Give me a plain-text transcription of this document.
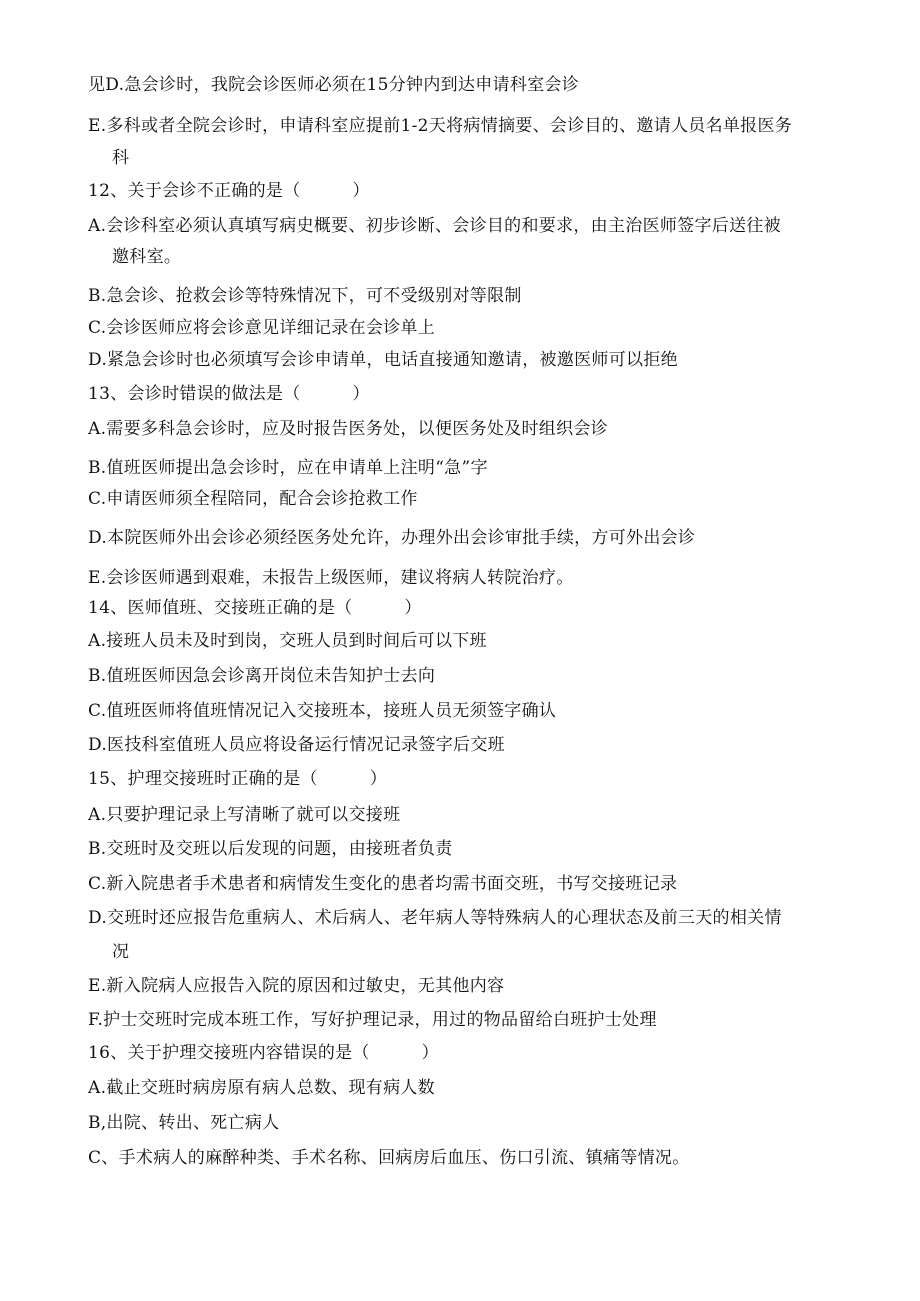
见D.急会诊时，我院会诊医师必须在15分钟内到达申请科室会诊
E.多科或者全院会诊时，申请科室应提前1-2天将病情摘要、会诊目的、邀请人员名单报医务
科
12、关于会诊不正确的是（　　　）
A.会诊科室必须认真填写病史概要、初步诊断、会诊目的和要求，由主治医师签字后送往被
邀科室。
B.急会诊、抢救会诊等特殊情况下，可不受级别对等限制
C.会诊医师应将会诊意见详细记录在会诊单上
D.紧急会诊时也必须填写会诊申请单，电话直接通知邀请，被邀医师可以拒绝
13、会诊时错误的做法是（　　　）
A.需要多科急会诊时，应及时报告医务处，以便医务处及时组织会诊
B.值班医师提出急会诊时，应在申请单上注明“急”字
C.申请医师须全程陪同，配合会诊抢救工作
D.本院医师外出会诊必须经医务处允许，办理外出会诊审批手续，方可外出会诊
E.会诊医师遇到艰难，未报告上级医师，建议将病人转院治疗。
14、医师值班、交接班正确的是（　　　）
A.接班人员未及时到岗，交班人员到时间后可以下班
B.值班医师因急会诊离开岗位未告知护士去向
C.值班医师将值班情况记入交接班本，接班人员无须签字确认
D.医技科室值班人员应将设备运行情况记录签字后交班
15、护理交接班时正确的是（　　　）
A.只要护理记录上写清晰了就可以交接班
B.交班时及交班以后发现的问题，由接班者负责
C.新入院患者手术患者和病情发生变化的患者均需书面交班，书写交接班记录
D.交班时还应报告危重病人、术后病人、老年病人等特殊病人的心理状态及前三天的相关情
况
E.新入院病人应报告入院的原因和过敏史，无其他内容
F.护士交班时完成本班工作，写好护理记录，用过的物品留给白班护士处理
16、关于护理交接班内容错误的是（　　　）
A.截止交班时病房原有病人总数、现有病人数
B,出院、转出、死亡病人
C、手术病人的麻醉种类、手术名称、回病房后血压、伤口引流、镇痛等情况。
